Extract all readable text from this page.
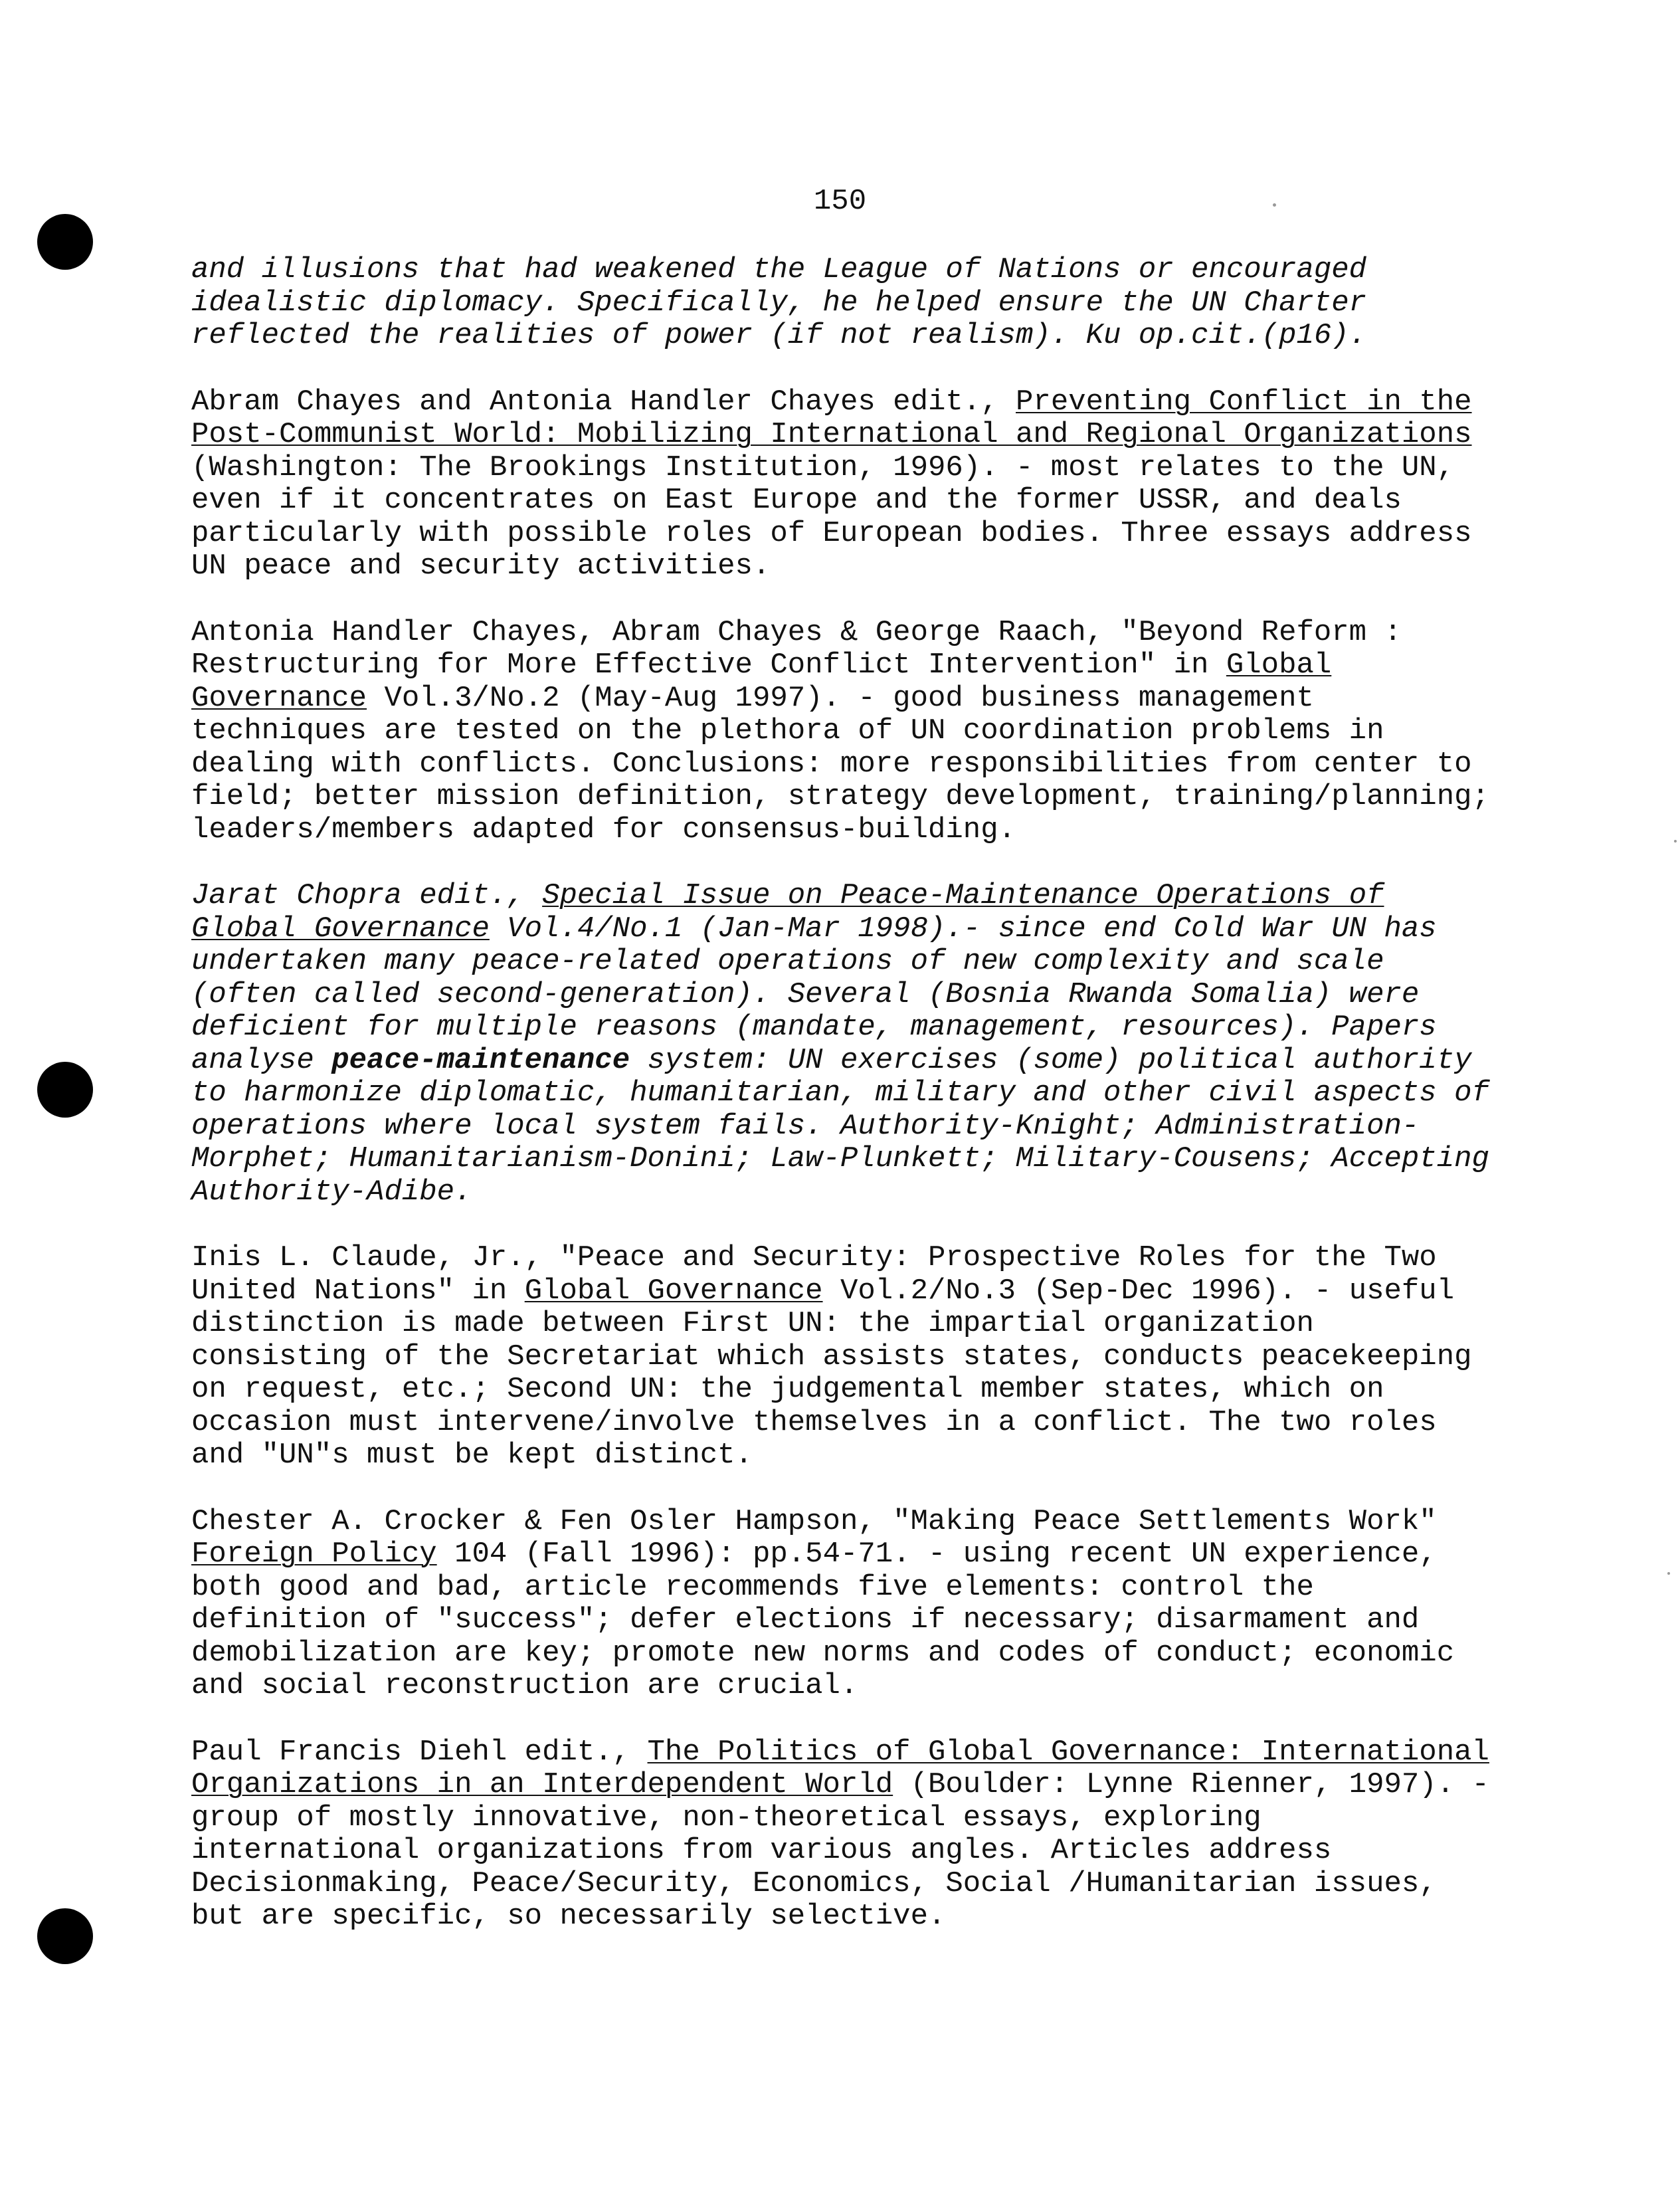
150

and illusions that had weakened the League of Nations or encouraged idealistic diplomacy. Specifically, he helped ensure the UN Charter reflected the realities of power (if not realism). Ku op.cit.(p16).

Abram Chayes and Antonia Handler Chayes edit., Preventing Conflict in the Post-Communist World: Mobilizing International and Regional Organizations (Washington: The Brookings Institution, 1996). - most relates to the UN, even if it concentrates on East Europe and the former USSR, and deals particularly with possible roles of European bodies. Three essays address UN peace and security activities.

Antonia Handler Chayes, Abram Chayes & George Raach, "Beyond Reform : Restructuring for More Effective Conflict Intervention" in Global Governance Vol.3/No.2 (May-Aug 1997). - good business management techniques are tested on the plethora of UN coordination problems in dealing with conflicts. Conclusions: more responsibilities from center to field; better mission definition, strategy development, training/planning; leaders/members adapted for consensus-building.

Jarat Chopra edit., Special Issue on Peace-Maintenance Operations of Global Governance Vol.4/No.1 (Jan-Mar 1998).- since end Cold War UN has undertaken many peace-related operations of new complexity and scale (often called second-generation). Several (Bosnia Rwanda Somalia) were deficient for multiple reasons (mandate, management, resources). Papers analyse peace-maintenance system: UN exercises (some) political authority to harmonize diplomatic, humanitarian, military and other civil aspects of operations where local system fails. Authority-Knight; Administration-Morphet; Humanitarianism-Donini; Law-Plunkett; Military-Cousens; Accepting Authority-Adibe.

Inis L. Claude, Jr., "Peace and Security: Prospective Roles for the Two United Nations" in Global Governance Vol.2/No.3 (Sep-Dec 1996). - useful distinction is made between First UN: the impartial organization consisting of the Secretariat which assists states, conducts peacekeeping on request, etc.; Second UN: the judgemental member states, which on occasion must intervene/involve themselves in a conflict. The two roles and "UN"s must be kept distinct.

Chester A. Crocker & Fen Osler Hampson, "Making Peace Settlements Work" Foreign Policy 104 (Fall 1996): pp.54-71. - using recent UN experience, both good and bad, article recommends five elements: control the definition of "success"; defer elections if necessary; disarmament and demobilization are key; promote new norms and codes of conduct; economic and social reconstruction are crucial.

Paul Francis Diehl edit., The Politics of Global Governance: International Organizations in an Interdependent World (Boulder: Lynne Rienner, 1997). - group of mostly innovative, non-theoretical essays, exploring international organizations from various angles. Articles address Decisionmaking, Peace/Security, Economics, Social /Humanitarian issues, but are specific, so necessarily selective.
